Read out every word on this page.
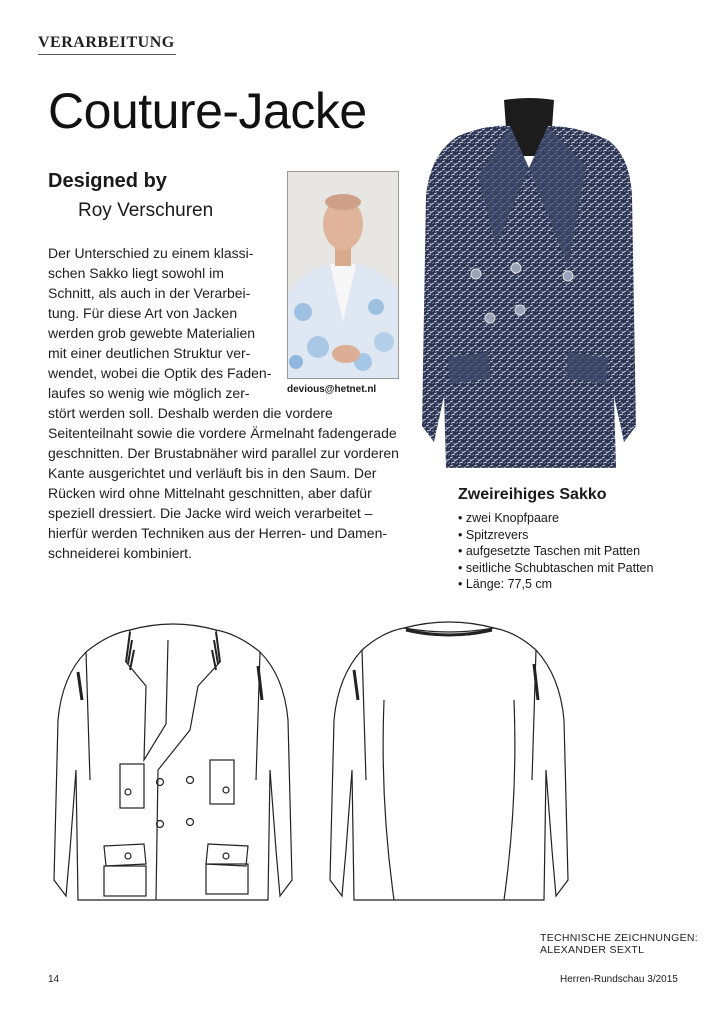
VERARBEITUNG
Couture-Jacke
Designed by
Roy Verschuren
devious@hetnet.nl
Der Unterschied zu einem klassi-
schen Sakko liegt sowohl im
Schnitt, als auch in der Verarbei-
tung. Für diese Art von Jacken
werden grob gewebte Materialien
mit einer deutlichen Struktur ver-
wendet, wobei die Optik des Faden-
laufes so wenig wie möglich zer-
stört werden soll. Deshalb werden die vordere
Seitenteilnaht sowie die vordere Ärmelnaht fadengerade
geschnitten. Der Brustabnäher wird parallel zur vorderen
Kante ausgerichtet und verläuft bis in den Saum. Der
Rücken wird ohne Mittelnaht geschnitten, aber dafür
speziell dressiert. Die Jacke wird weich verarbeitet –
hierfür werden Techniken aus der Herren- und Damen-
schneiderei kombiniert.
Zweireihiges Sakko
• zwei Knopfpaare
• Spitzrevers
• aufgesetzte Taschen mit Patten
• seitliche Schubtaschen mit Patten
• Länge: 77,5 cm
TECHNISCHE ZEICHNUNGEN:
ALEXANDER SEXTL
14	Herren-Rundschau 3/2015
